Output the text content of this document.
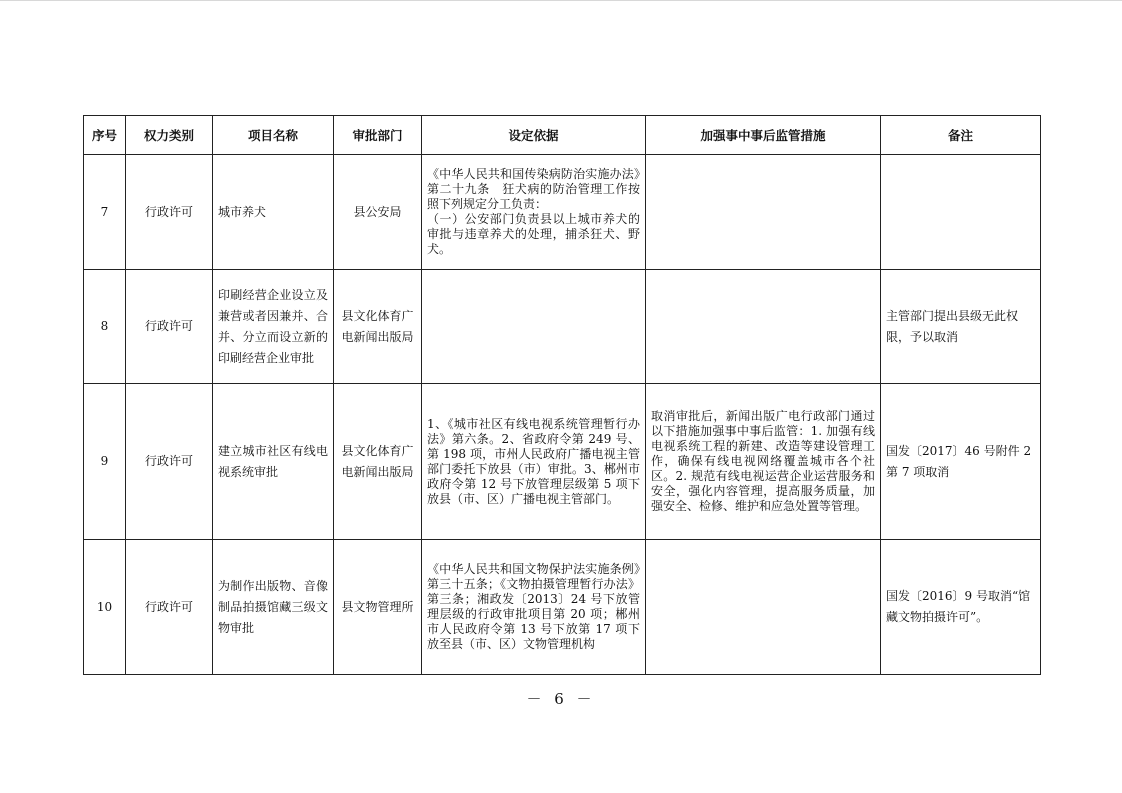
序号	权力类别	项目名称	审批部门	设定依据	加强事中事后监管措施	备注
7	行政许可	城市养犬	县公安局	《中华人民共和国传染病防治实施办法》第二十九条　狂犬病的防治管理工作按照下列规定分工负责：
（一）公安部门负责县以上城市养犬的审批与违章养犬的处理，捕杀狂犬、野犬。		
8	行政许可	印刷经营企业设立及兼营或者因兼并、合并、分立而设立新的印刷经营企业审批	县文化体育广电新闻出版局			主管部门提出县级无此权限，予以取消
9	行政许可	建立城市社区有线电视系统审批	县文化体育广电新闻出版局	1、《城市社区有线电视系统管理暂行办法》第六条。2、省政府令第 249 号、第 198 项，市州人民政府广播电视主管部门委托下放县（市）审批。3、郴州市政府令第 12 号下放管理层级第 5 项下放县（市、区）广播电视主管部门。	取消审批后，新闻出版广电行政部门通过以下措施加强事中事后监管：1. 加强有线电视系统工程的新建、改造等建设管理工作，确保有线电视网络覆盖城市各个社区。2. 规范有线电视运营企业运营服务和安全，强化内容管理，提高服务质量，加强安全、检修、维护和应急处置等管理。	国发〔2017〕46 号附件 2 第 7 项取消
10	行政许可	为制作出版物、音像制品拍摄馆藏三级文物审批	县文物管理所	《中华人民共和国文物保护法实施条例》第三十五条；《文物拍摄管理暂行办法》第三条；湘政发〔2013〕24 号下放管理层级的行政审批项目第 20 项；郴州市人民政府令第 13 号下放第 17 项下放至县（市、区）文物管理机构		国发〔2016〕9 号取消“馆藏文物拍摄许可”。
－ 6 －
